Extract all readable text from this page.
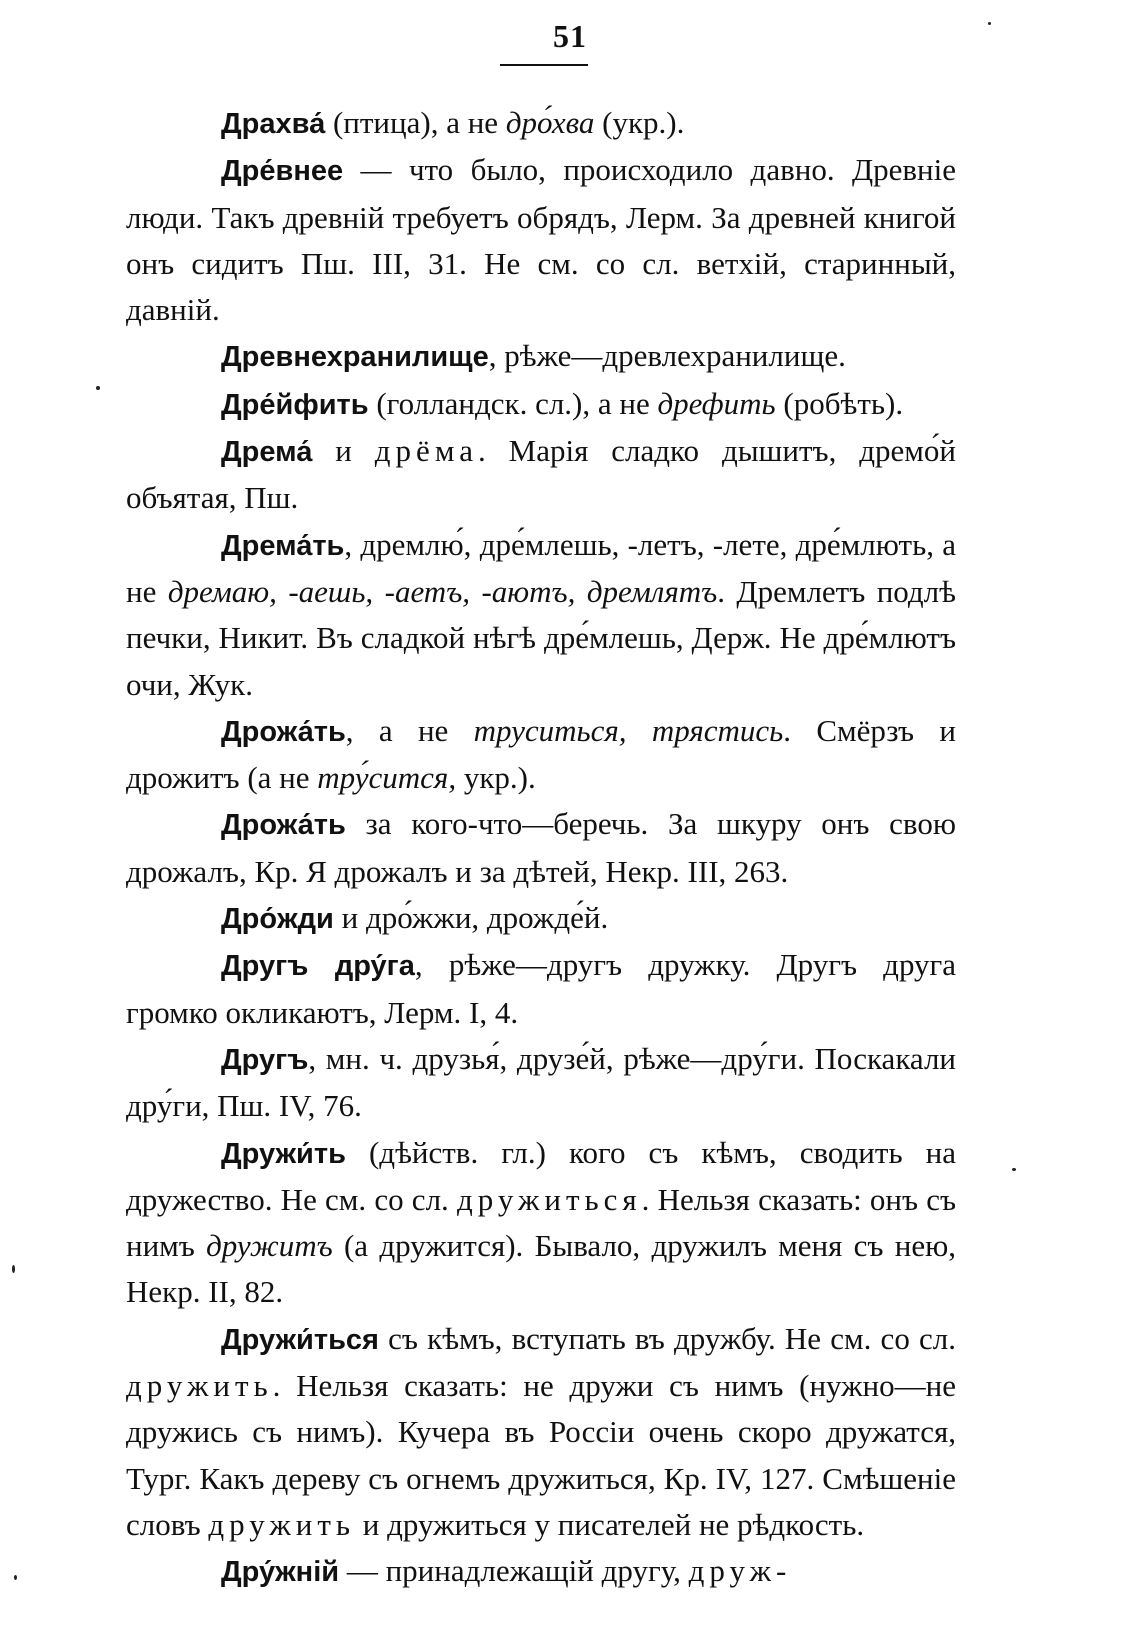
51

Драхва́ (птица), а не дро́хва (укр.).

Дре́внее — что было, происходило давно. Древніе люди. Такъ древній требуетъ обрядъ, Лерм. За древней книгой онъ сидитъ Пш. III, 31. Не см. со сл. ветхій, старинный, давній.

Древнехранилище, рѣже—древлехранилище.

Дре́йфить (голландск. сл.), а не дрефить (робѣть).

Дрема́ и дрёма. Марія сладко дышитъ, дремо́й объятая, Пш.

Дрема́ть, дремлю́, дре́млешь, -летъ, -лете, дре́млють, а не дремаю, -аешь, -аетъ, -аютъ, дремлятъ. Дремлетъ подлѣ печки, Никит. Въ сладкой нѣгѣ дре́млешь, Держ. Не дре́млютъ очи, Жук.

Дрожа́ть, а не труситься, трястись. Смёрзъ и дрожитъ (а не тру́сится, укр.).

Дрожа́ть за кого-что—беречь. За шкуру онъ свою дрожалъ, Кр. Я дрожалъ и за дѣтей, Некр. III, 263.

Дро́жди и дро́жжи, дрожде́й.

Другъ дру́га, рѣже—другъ дружку. Другъ друга громко окликаютъ, Лерм. I, 4.

Другъ, мн. ч. друзья́, друзе́й, рѣже—дру́ги. Поскакали дру́ги, Пш. IV, 76.

Дружи́ть (дѣйств. гл.) кого съ кѣмъ, сводить на дружество. Не см. со сл. дружиться. Нельзя сказать: онъ съ нимъ дружитъ (а дружится). Бывало, дружилъ меня съ нею, Некр. II, 82.

Дружи́ться съ кѣмъ, вступать въ дружбу. Не см. со сл. дружить. Нельзя сказать: не дружи съ нимъ (нужно—не дружись съ нимъ). Кучера въ Россіи очень скоро дружатся, Тург. Какъ дереву съ огнемъ дружиться, Кр. IV, 127. Смѣшеніе словъ дружить и дружиться у писателей не рѣдкость.

Дру́жній — принадлежащій другу, друж-
